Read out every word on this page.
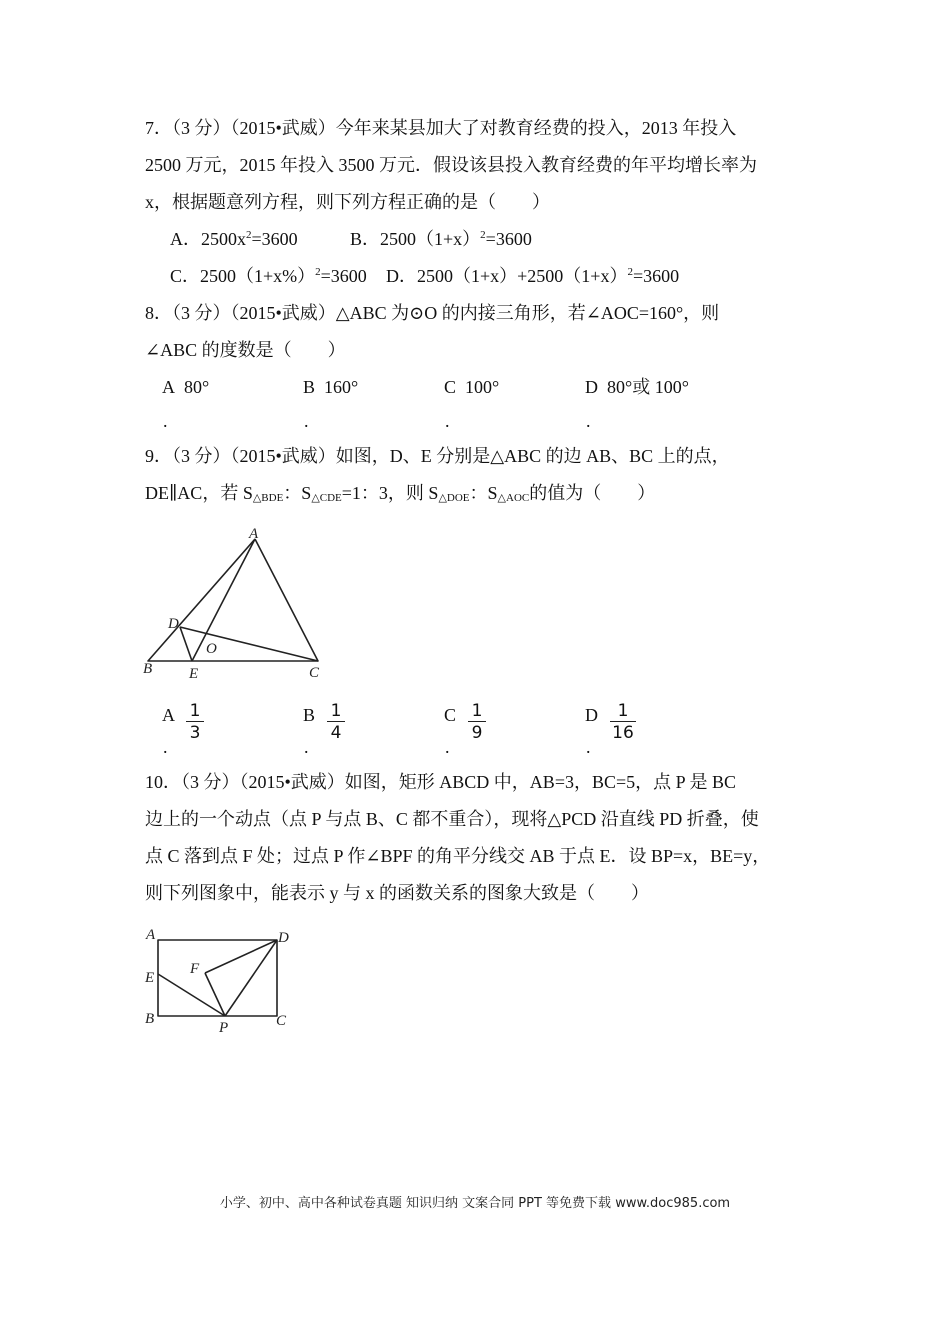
7．（3 分）（2015•武威）今年来某县加大了对教育经费的投入，2013 年投入
2500 万元，2015 年投入 3500 万元．假设该县投入教育经费的年平均增长率为
x，根据题意列方程，则下列方程正确的是（　　）
A．$2500x^2=3600$	B．$2500(1+x)^2=3600$
C．$2500(1+x\%)^2=3600$ D．$2500(1+x)+2500(1+x)^2=3600$
8．（3 分）（2015•武威）△ABC 为⊙O 的内接三角形，若∠AOC=160°，则
∠ABC 的度数是（　　）
A 80°	B 160°	C 100°	D 80°或 100°
.	.	.	.
9．（3 分）（2015•武威）如图，D、E 分别是△ABC 的边 AB、BC 上的点，
DE∥AC，若 $S_{\triangle BDE}$：$S_{\triangle CDE}=1$：3，则 $S_{\triangle DOE}$：$S_{\triangle AOC}$的值为（　　）
A
B	C
D
E
O
A 1
3
B 1
4
C 1
9
D	1
16
.	.	.	.
10．（3 分）（2015•武威）如图，矩形 ABCD 中，AB=3，BC=5，点 P 是 BC
边上的一个动点（点 P 与点 B、C 都不重合），现将△PCD 沿直线 PD 折叠，使
点 C 落到点 F 处；过点 P 作∠BPF 的角平分线交 AB 于点 E．设 BP=x，BE=y，
则下列图象中，能表示 y 与 x 的函数关系的图象大致是（　　）
A
B	C
D
E
F
P
小学、初中、高中各种试卷真题 知识归纳 文案合同 PPT 等免费下载 www.doc985.com
